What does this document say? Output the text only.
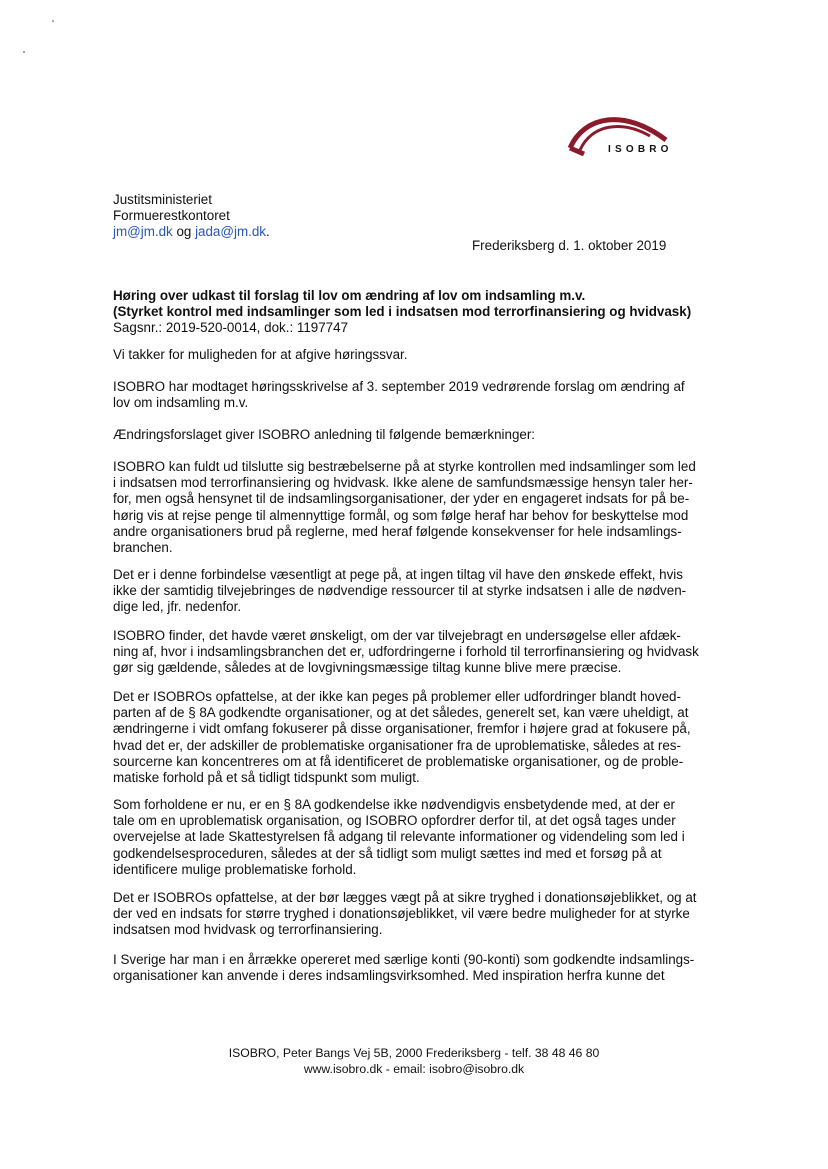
ISOBRO
Justitsministeriet
Formuerestkontoret
jm@jm.dk og jada@jm.dk.
Frederiksberg d. 1. oktober 2019
Høring over udkast til forslag til lov om ændring af lov om indsamling m.v.
(Styrket kontrol med indsamlinger som led i indsatsen mod terrorfinansiering og hvidvask)
Sagsnr.: 2019-520-0014, dok.: 1197747
Vi takker for muligheden for at afgive høringssvar.
ISOBRO har modtaget høringsskrivelse af 3. september 2019 vedrørende forslag om ændring af
lov om indsamling m.v.
Ændringsforslaget giver ISOBRO anledning til følgende bemærkninger:
ISOBRO kan fuldt ud tilslutte sig bestræbelserne på at styrke kontrollen med indsamlinger som led
i indsatsen mod terrorfinansiering og hvidvask. Ikke alene de samfundsmæssige hensyn taler her-
for, men også hensynet til de indsamlingsorganisationer, der yder en engageret indsats for på be-
hørig vis at rejse penge til almennyttige formål, og som følge heraf har behov for beskyttelse mod
andre organisationers brud på reglerne, med heraf følgende konsekvenser for hele indsamlings-
branchen.
Det er i denne forbindelse væsentligt at pege på, at ingen tiltag vil have den ønskede effekt, hvis
ikke der samtidig tilvejebringes de nødvendige ressourcer til at styrke indsatsen i alle de nødven-
dige led, jfr. nedenfor.
ISOBRO finder, det havde været ønskeligt, om der var tilvejebragt en undersøgelse eller afdæk-
ning af, hvor i indsamlingsbranchen det er, udfordringerne i forhold til terrorfinansiering og hvidvask
gør sig gældende, således at de lovgivningsmæssige tiltag kunne blive mere præcise.
Det er ISOBROs opfattelse, at der ikke kan peges på problemer eller udfordringer blandt hoved-
parten af de § 8A godkendte organisationer, og at det således, generelt set, kan være uheldigt, at
ændringerne i vidt omfang fokuserer på disse organisationer, fremfor i højere grad at fokusere på,
hvad det er, der adskiller de problematiske organisationer fra de uproblematiske, således at res-
sourcerne kan koncentreres om at få identificeret de problematiske organisationer, og de proble-
matiske forhold på et så tidligt tidspunkt som muligt.
Som forholdene er nu, er en § 8A godkendelse ikke nødvendigvis ensbetydende med, at der er
tale om en uproblematisk organisation, og ISOBRO opfordrer derfor til, at det også tages under
overvejelse at lade Skattestyrelsen få adgang til relevante informationer og videndeling som led i
godkendelsesproceduren, således at der så tidligt som muligt sættes ind med et forsøg på at
identificere mulige problematiske forhold.
Det er ISOBROs opfattelse, at der bør lægges vægt på at sikre tryghed i donationsøjeblikket, og at
der ved en indsats for større tryghed i donationsøjeblikket, vil være bedre muligheder for at styrke
indsatsen mod hvidvask og terrorfinansiering.
I Sverige har man i en årrække opereret med særlige konti (90-konti) som godkendte indsamlings-
organisationer kan anvende i deres indsamlingsvirksomhed. Med inspiration herfra kunne det
ISOBRO, Peter Bangs Vej 5B, 2000 Frederiksberg - telf. 38 48 46 80
www.isobro.dk - email: isobro@isobro.dk
